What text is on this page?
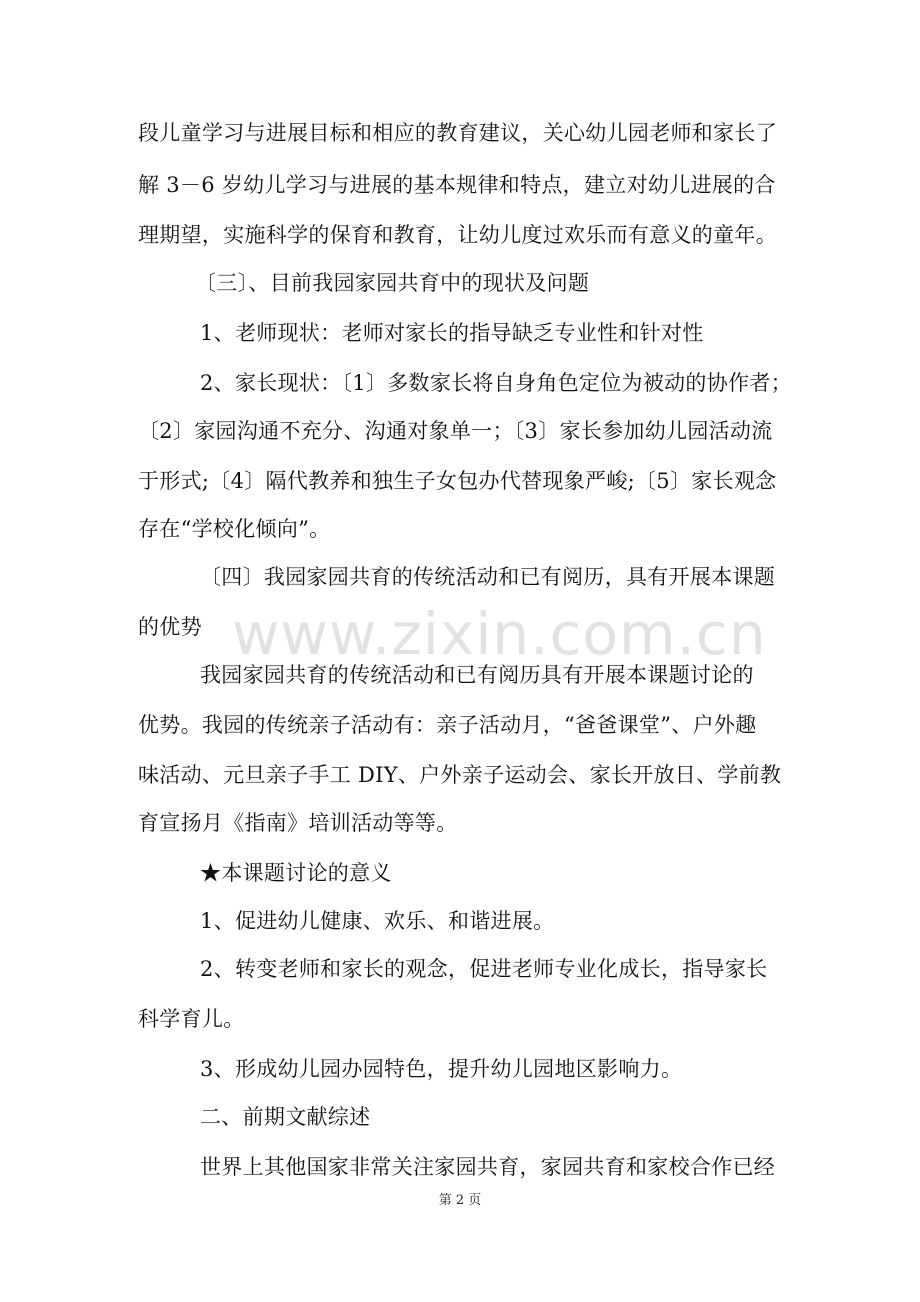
段儿童学习与进展目标和相应的教育建议，关心幼儿园老师和家长了
解 3－6 岁幼儿学习与进展的基本规律和特点，建立对幼儿进展的合
理期望，实施科学的保育和教育，让幼儿度过欢乐而有意义的童年。
〔三〕、目前我园家园共育中的现状及问题
1、老师现状：老师对家长的指导缺乏专业性和针对性
2、家长现状：〔1〕多数家长将自身角色定位为被动的协作者；
〔2〕家园沟通不充分、沟通对象单一；〔3〕家长参加幼儿园活动流
于形式;〔4〕隔代教养和独生子女包办代替现象严峻;〔5〕家长观念
存在“学校化倾向”。
〔四〕我园家园共育的传统活动和已有阅历，具有开展本课题
的优势
我园家园共育的传统活动和已有阅历具有开展本课题讨论的
优势。我园的传统亲子活动有：亲子活动月，“爸爸课堂”、户外趣
味活动、元旦亲子手工 DIY、户外亲子运动会、家长开放日、学前教
育宣扬月《指南》培训活动等等。
★本课题讨论的意义
1、促进幼儿健康、欢乐、和谐进展。
2、转变老师和家长的观念，促进老师专业化成长，指导家长
科学育儿。
3、形成幼儿园办园特色，提升幼儿园地区影响力。
二、前期文献综述
世界上其他国家非常关注家园共育，家园共育和家校合作已经
www.zixin.com.cn
第 2 页
